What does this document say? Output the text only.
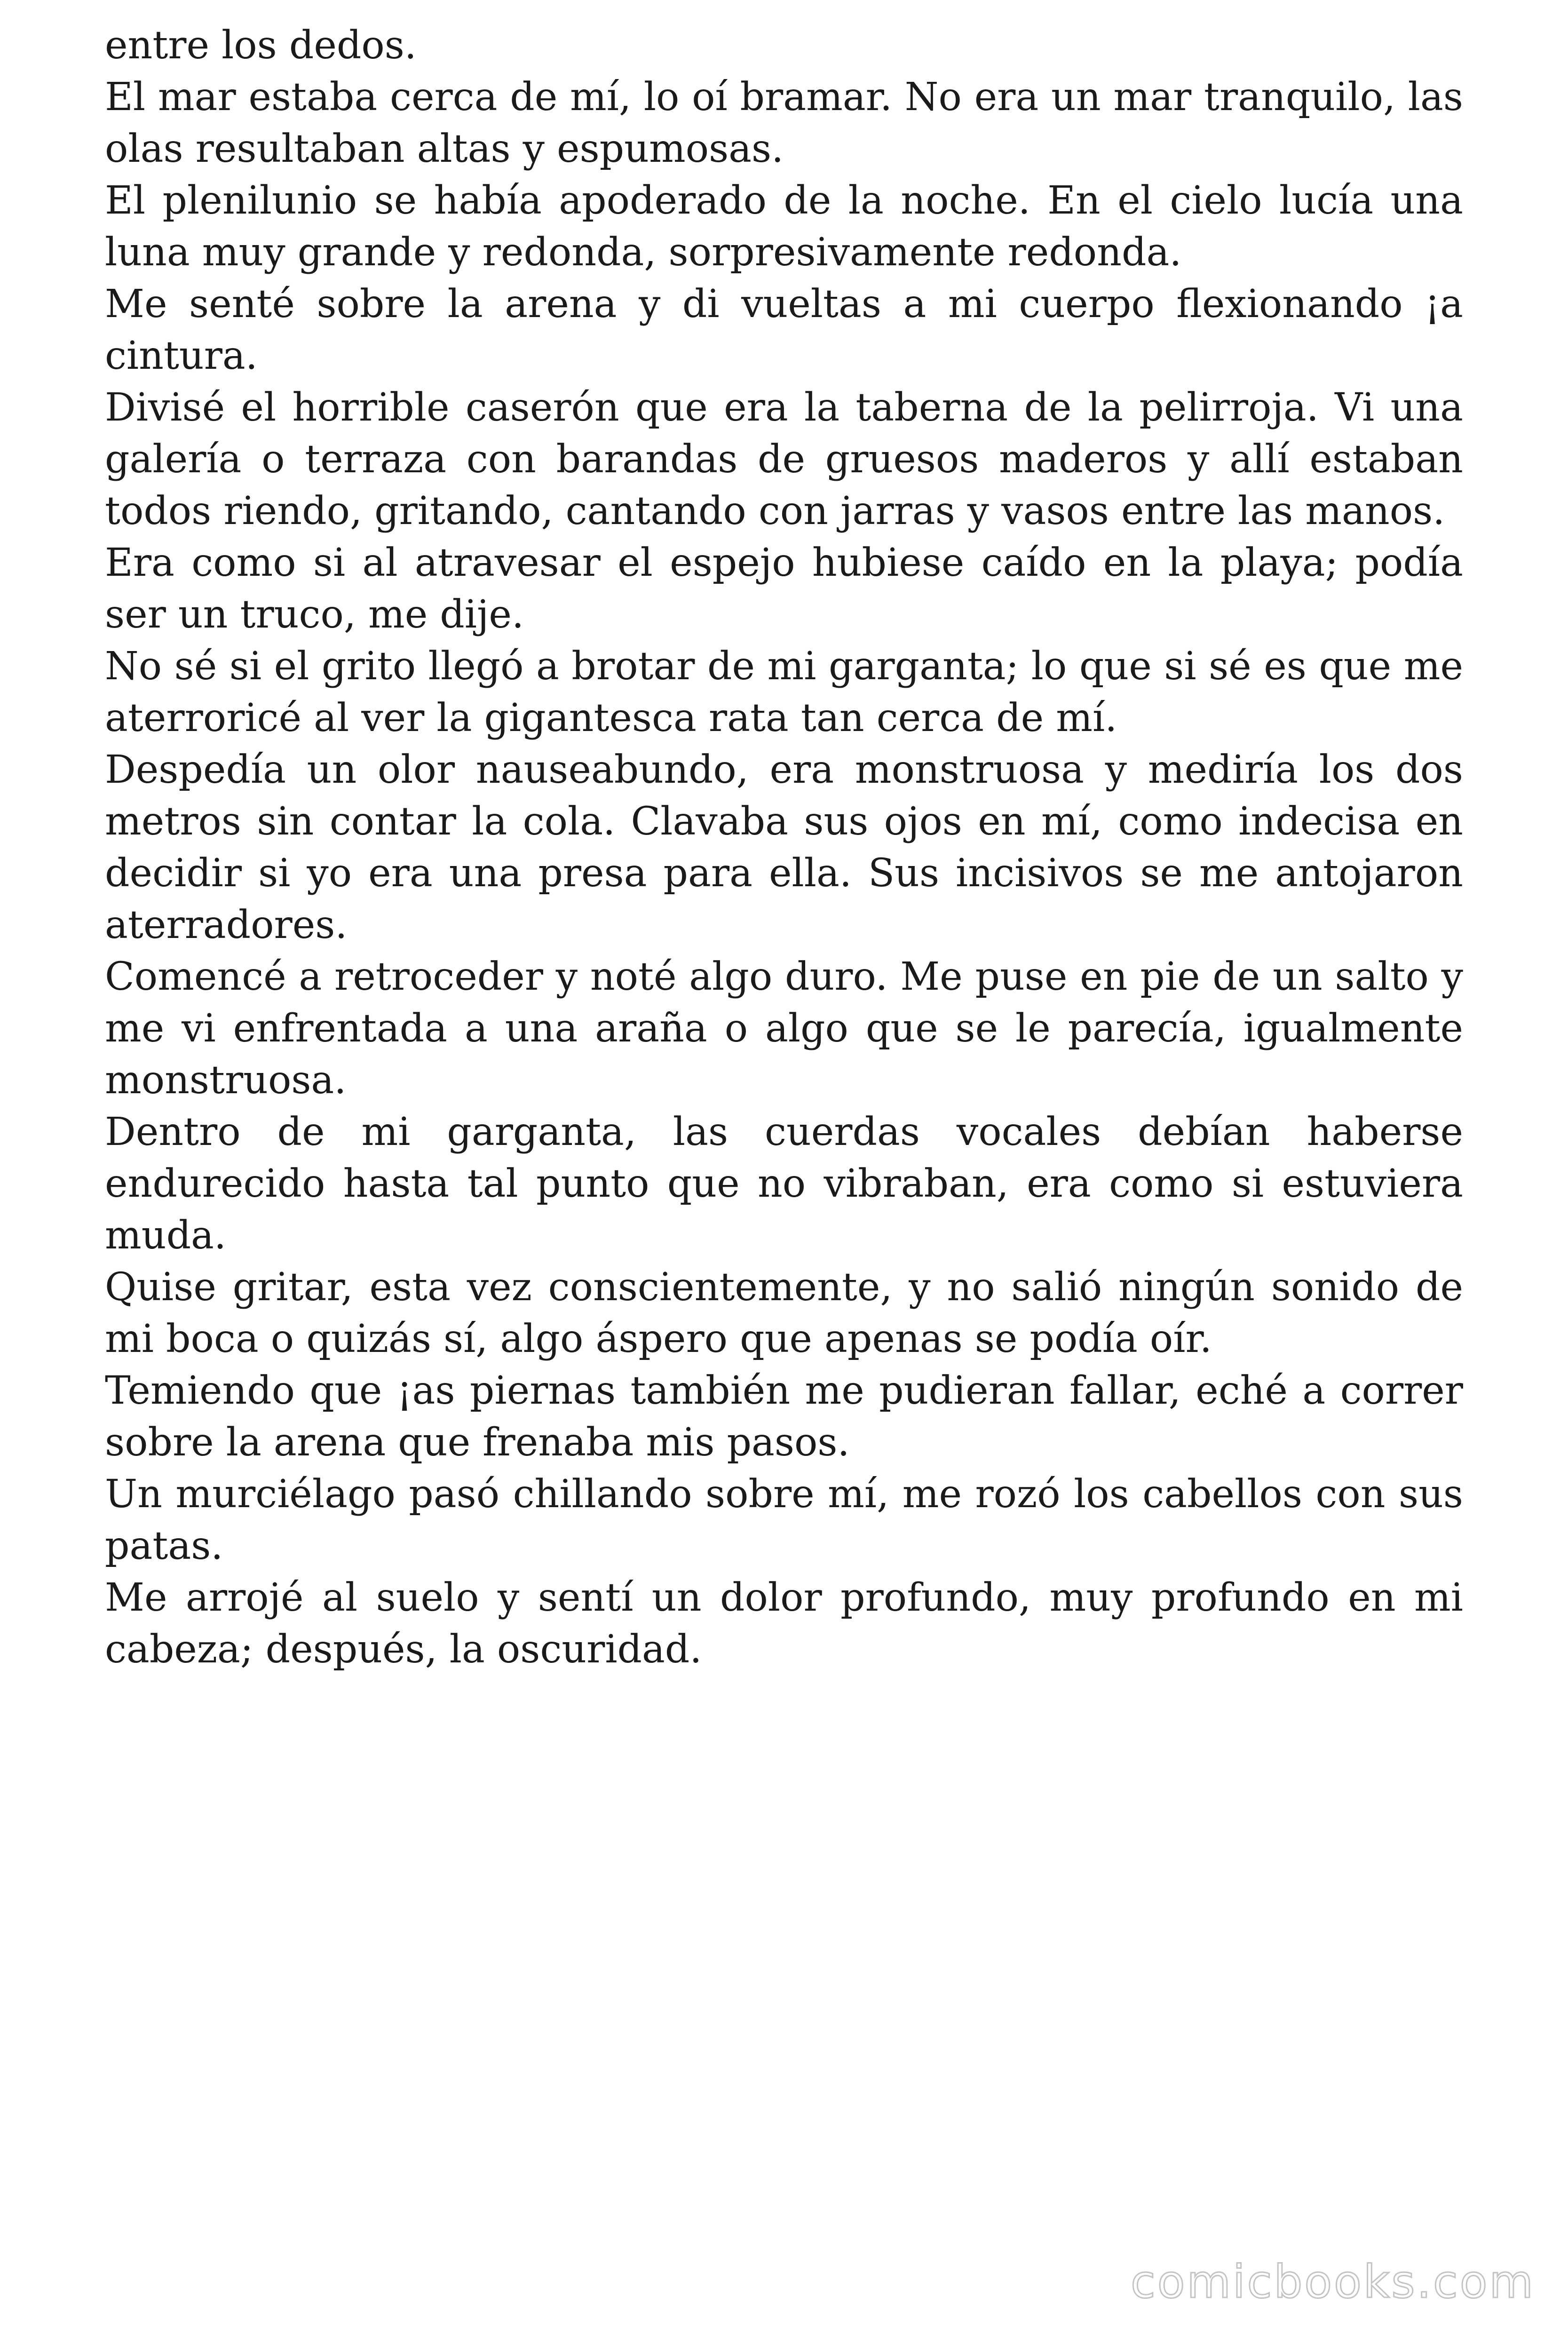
entre los dedos.

El mar estaba cerca de mí, lo oí bramar. No era un mar tranquilo, las olas resultaban altas y espumosas.

El plenilunio se había apoderado de la noche. En el cielo lucía una luna muy grande y redonda, sorpresivamente redonda.

Me senté sobre la arena y di vueltas a mi cuerpo flexionando ¡a cintura.

Divisé el horrible caserón que era la taberna de la pelirroja. Vi una galería o terraza con barandas de gruesos maderos y allí estaban todos riendo, gritando, cantando con jarras y vasos entre las manos.

Era como si al atravesar el espejo hubiese caído en la playa; podía ser un truco, me dije.

No sé si el grito llegó a brotar de mi garganta; lo que si sé es que me aterroricé al ver la gigantesca rata tan cerca de mí.

Despedía un olor nauseabundo, era monstruosa y mediría los dos metros sin contar la cola. Clavaba sus ojos en mí, como indecisa en decidir si yo era una presa para ella. Sus incisivos se me antojaron aterradores.

Comencé a retroceder y noté algo duro. Me puse en pie de un salto y me vi enfrentada a una araña o algo que se le parecía, igualmente monstruosa.

Dentro de mi garganta, las cuerdas vocales debían haberse endurecido hasta tal punto que no vibraban, era como si estuviera muda.

Quise gritar, esta vez conscientemente, y no salió ningún sonido de mi boca o quizás sí, algo áspero que apenas se podía oír.

Temiendo que ¡as piernas también me pudieran fallar, eché a correr sobre la arena que frenaba mis pasos.

Un murciélago pasó chillando sobre mí, me rozó los cabellos con sus patas.

Me arrojé al suelo y sentí un dolor profundo, muy profundo en mi cabeza; después, la oscuridad.

comicbooks.com
